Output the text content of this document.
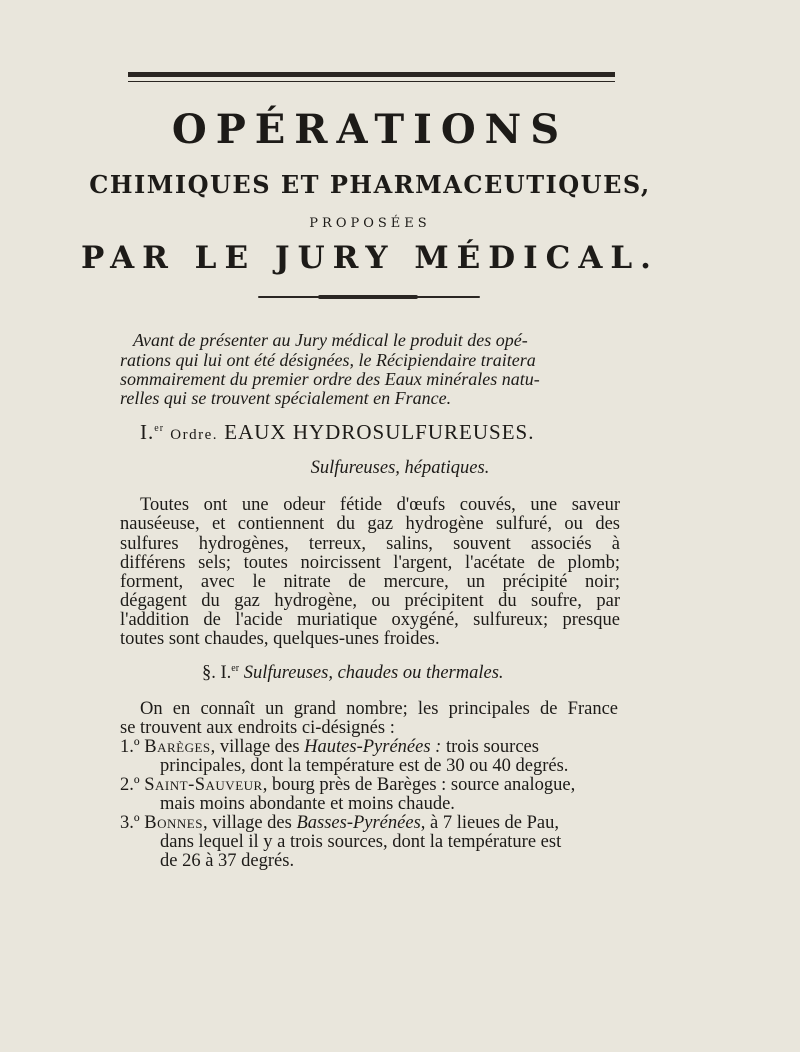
OPÉRATIONS
CHIMIQUES ET PHARMACEUTIQUES,
PROPOSÉES
PAR LE JURY MÉDICAL.
Avant de présenter au Jury médical le produit des opé-
rations qui lui ont été désignées, le Récipiendaire traitera
sommairement du premier ordre des Eaux minérales natu-
relles qui se trouvent spécialement en France.
I.$^{er}$ Ordre. EAUX HYDROSULFUREUSES.
Sulfureuses, hépatiques.

Toutes ont une odeur fétide d'œufs couvés, une saveur

nauséeuse, et contiennent du gaz hydrogène sulfuré, ou des

sulfures hydrogènes, terreux, salins, souvent associés à

différens sels; toutes noircissent l'argent, l'acétate de plomb;

forment, avec le nitrate de mercure, un précipité noir;

dégagent du gaz hydrogène, ou précipitent du soufre, par

l'addition de l'acide muriatique oxygéné, sulfureux; presque

toutes sont chaudes, quelques-unes froides.

§. I.$^{er}$ Sulfureuses, chaudes ou thermales.

On en connaît un grand nombre; les principales de France

se trouvent aux endroits ci-désignés :

1.º Barèges, village des Hautes-Pyrénées : trois sources
principales, dont la température est de 30 ou 40 degrés.
2.º Saint-Sauveur, bourg près de Barèges : source analogue,
mais moins abondante et moins chaude.
3.º Bonnes, village des Basses-Pyrénées, à 7 lieues de Pau,
dans lequel il y a trois sources, dont la température est
de 26 à 37 degrés.
